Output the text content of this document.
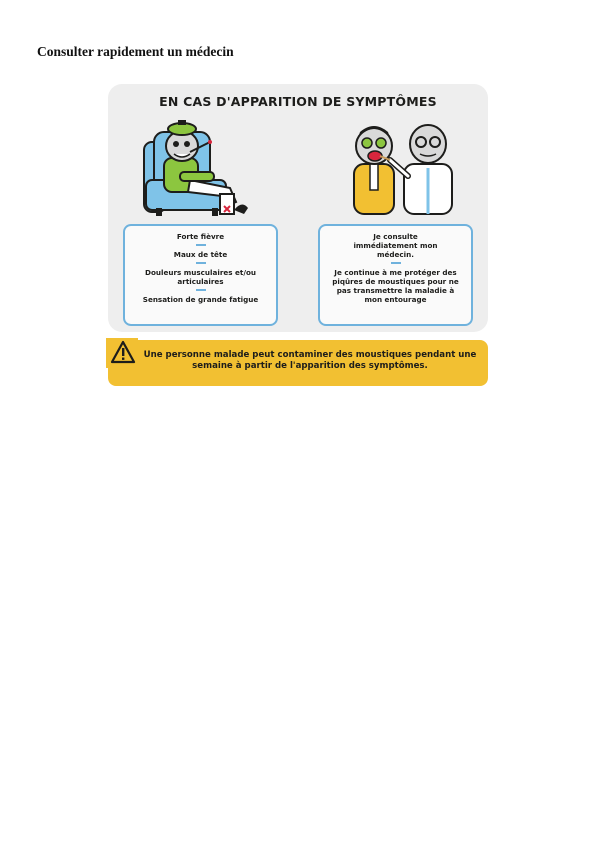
Consulter rapidement un médecin
EN CAS D'APPARITION DE SYMPTÔMES
Forte fièvre
Maux de tête
Douleurs musculaires et/ou articulaires
Sensation de grande fatigue
Je consulte immédiatement mon médecin.
Je continue à me protéger des piqûres de moustiques pour ne pas transmettre la maladie à mon entourage
Une personne malade peut contaminer des moustiques pendant une semaine à partir de l'apparition des symptômes.
